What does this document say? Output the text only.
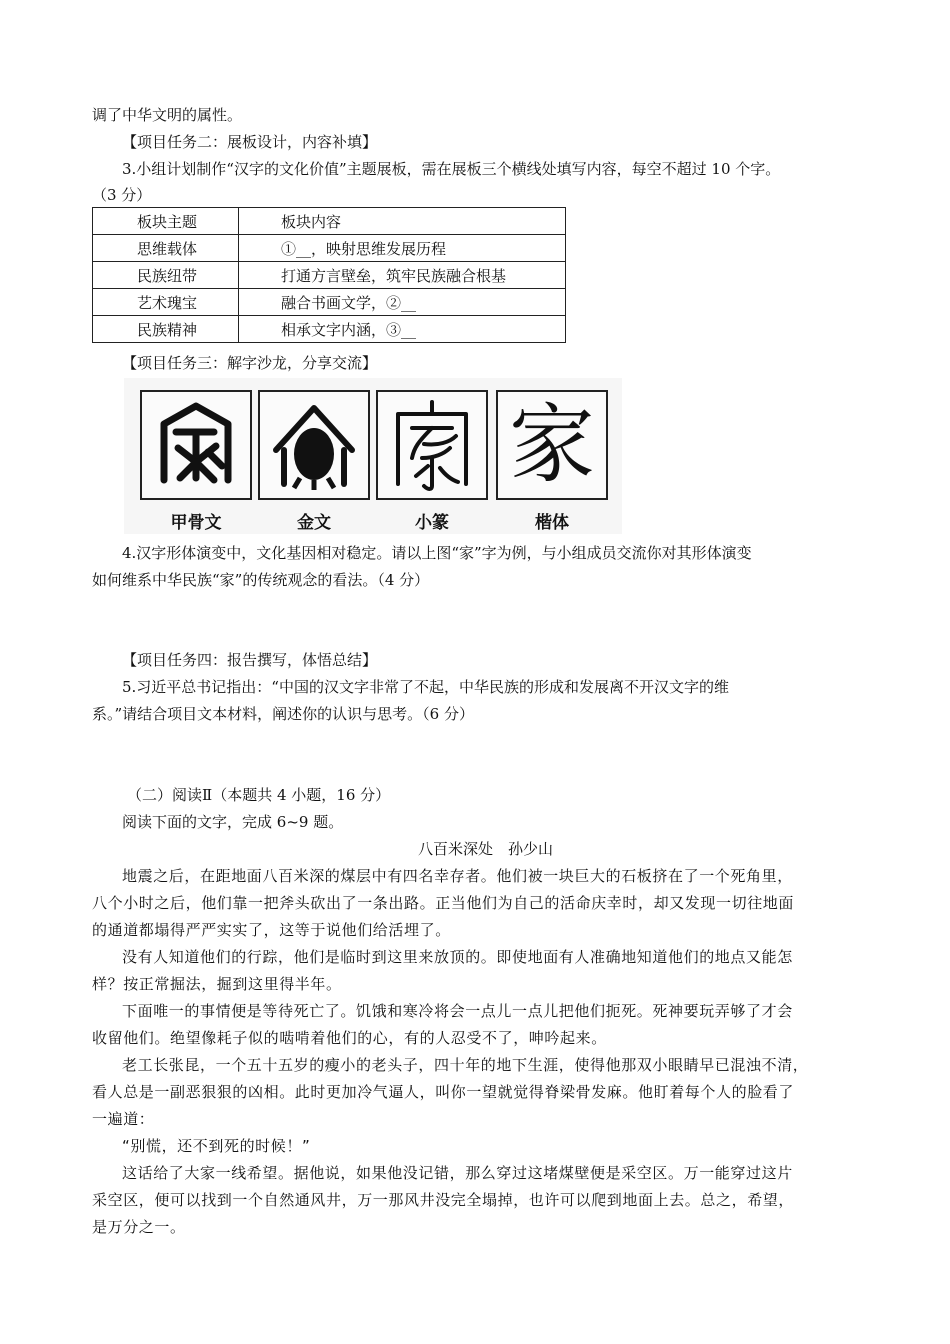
调了中华文明的属性。
【项目任务二：展板设计，内容补填】
3.小组计划制作“汉字的文化价值”主题展板，需在展板三个横线处填写内容，每空不超过 10 个字。
（3 分）
板块主题	板块内容
思维载体	①__，映射思维发展历程
民族纽带	打通方言壁垒，筑牢民族融合根基
艺术瑰宝	融合书画文学，②__
民族精神	相承文字内涵，③__
【项目任务三：解字沙龙，分享交流】
甲骨文	金文	小篆
家
楷体
4.汉字形体演变中，文化基因相对稳定。请以上图“家”字为例，与小组成员交流你对其形体演变
如何维系中华民族“家”的传统观念的看法。（4 分）
【项目任务四：报告撰写，体悟总结】
5.习近平总书记指出：“中国的汉文字非常了不起，中华民族的形成和发展离不开汉文字的维
系。”请结合项目文本材料，阐述你的认识与思考。（6 分）
（二）阅读Ⅱ（本题共 4 小题，16 分）
阅读下面的文字，完成 6~9 题。
八百米深处　孙少山
地震之后，在距地面八百米深的煤层中有四名幸存者。他们被一块巨大的石板挤在了一个死角里，
八个小时之后，他们靠一把斧头砍出了一条出路。正当他们为自己的活命庆幸时，却又发现一切往地面
的通道都塌得严严实实了，这等于说他们给活埋了。
没有人知道他们的行踪，他们是临时到这里来放顶的。即使地面有人准确地知道他们的地点又能怎
样？按正常掘法，掘到这里得半年。
下面唯一的事情便是等待死亡了。饥饿和寒冷将会一点儿一点儿把他们扼死。死神要玩弄够了才会
收留他们。绝望像耗子似的啮啃着他们的心，有的人忍受不了，呻吟起来。
老工长张昆，一个五十五岁的瘦小的老头子，四十年的地下生涯，使得他那双小眼睛早已混浊不清，
看人总是一副恶狠狠的凶相。此时更加冷气逼人，叫你一望就觉得脊梁骨发麻。他盯着每个人的脸看了
一遍道：
“别慌，还不到死的时候！”
这话给了大家一线希望。据他说，如果他没记错，那么穿过这堵煤壁便是采空区。万一能穿过这片
采空区，便可以找到一个自然通风井，万一那风井没完全塌掉，也许可以爬到地面上去。总之，希望，
是万分之一。
